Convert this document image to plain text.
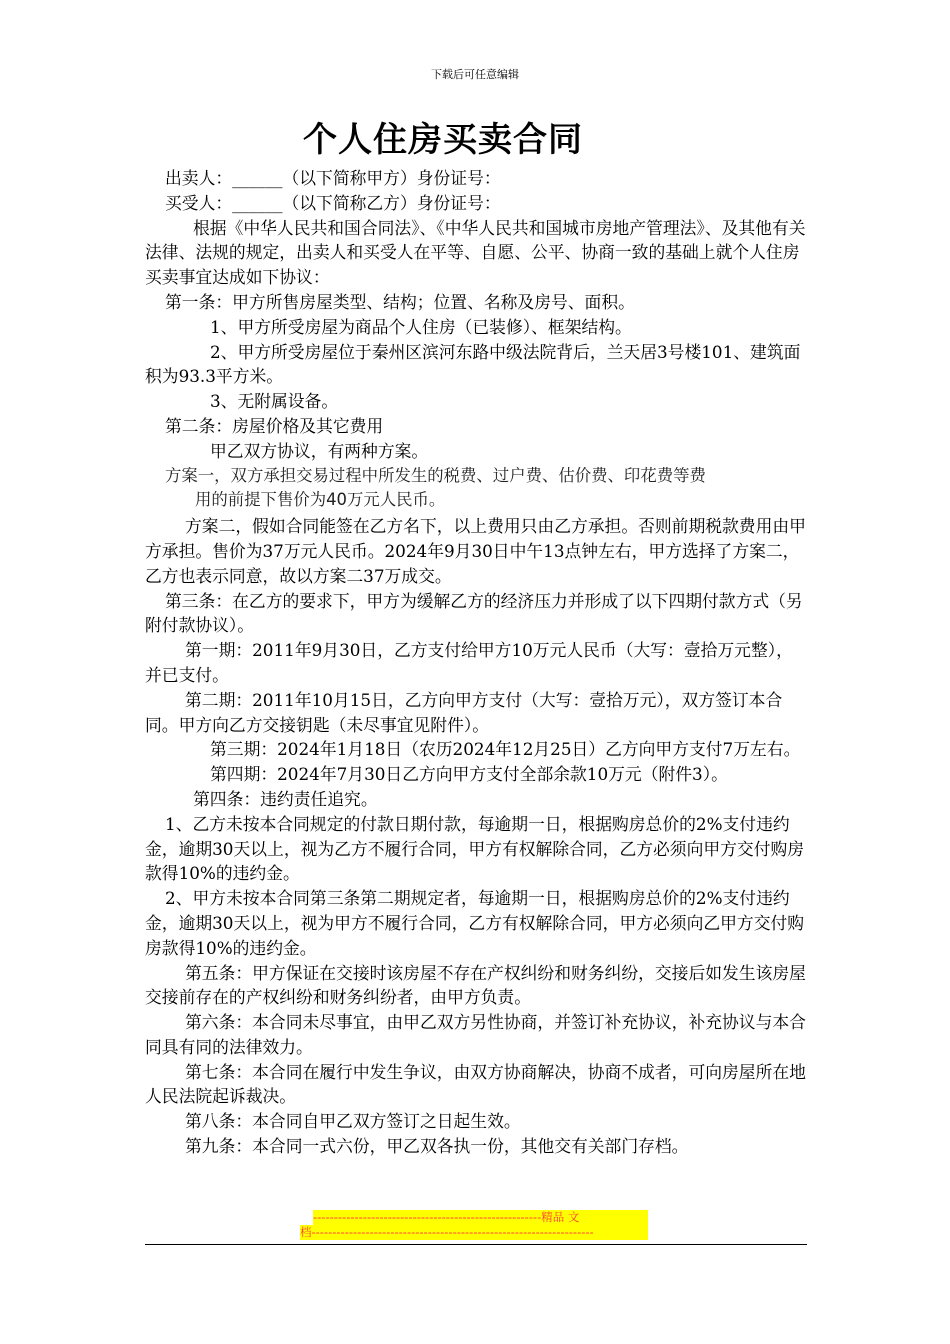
下载后可任意编辑
个人住房买卖合同

出卖人：______（以下简称甲方）身份证号：

买受人：______（以下简称乙方）身份证号：

根据《中华人民共和国合同法》、《中华人民共和国城市房地产管理法》、及其他有关法律、法规的规定，出卖人和买受人在平等、自愿、公平、协商一致的基础上就个人住房买卖事宜达成如下协议：

第一条：甲方所售房屋类型、结构；位置、名称及房号、面积。

1、甲方所受房屋为商品个人住房（已装修）、框架结构。

2、甲方所受房屋位于秦州区滨河东路中级法院背后，兰天居3号楼101、建筑面积为93.3平方米。

3、无附属设备。

第二条：房屋价格及其它费用

甲乙双方协议，有两种方案。

方案一，双方承担交易过程中所发生的税费、过户费、估价费、印花费等费
用的前提下售价为40万元人民币。

方案二，假如合同能签在乙方名下，以上费用只由乙方承担。否则前期税款费用由甲方承担。售价为37万元人民币。2024年9月30日中午13点钟左右，甲方选择了方案二，乙方也表示同意，故以方案二37万成交。

第三条：在乙方的要求下，甲方为缓解乙方的经济压力并形成了以下四期付款方式（另附付款协议）。

第一期：2011年9月30日，乙方支付给甲方10万元人民币（大写：壹拾万元整），并已支付。

第二期：2011年10月15日，乙方向甲方支付（大写：壹拾万元），双方签订本合同。甲方向乙方交接钥匙（未尽事宜见附件）。

第三期：2024年1月18日（农历2024年12月25日）乙方向甲方支付7万左右。

第四期：2024年7月30日乙方向甲方支付全部余款10万元（附件3）。

第四条：违约责任追究。

1、乙方未按本合同规定的付款日期付款，每逾期一日，根据购房总价的2%支付违约金，逾期30天以上，视为乙方不履行合同，甲方有权解除合同，乙方必须向甲方交付购房款得10%的违约金。

2、甲方未按本合同第三条第二期规定者，每逾期一日，根据购房总价的2%支付违约金，逾期30天以上，视为甲方不履行合同，乙方有权解除合同，甲方必须向乙甲方交付购房款得10%的违约金。

第五条：甲方保证在交接时该房屋不存在产权纠纷和财务纠纷，交接后如发生该房屋交接前存在的产权纠纷和财务纠纷者，由甲方负责。

第六条：本合同未尽事宜，由甲乙双方另性协商，并签订补充协议，补充协议与本合同具有同的法律效力。

第七条：本合同在履行中发生争议，由双方协商解决，协商不成者，可向房屋所在地人民法院起诉裁决。

第八条：本合同自甲乙双方签订之日起生效。

第九条：本合同一式六份，甲乙双各执一份，其他交有关部门存档。

-------------------------------------------------------精品 文
档--------------------------------------------------------------------
